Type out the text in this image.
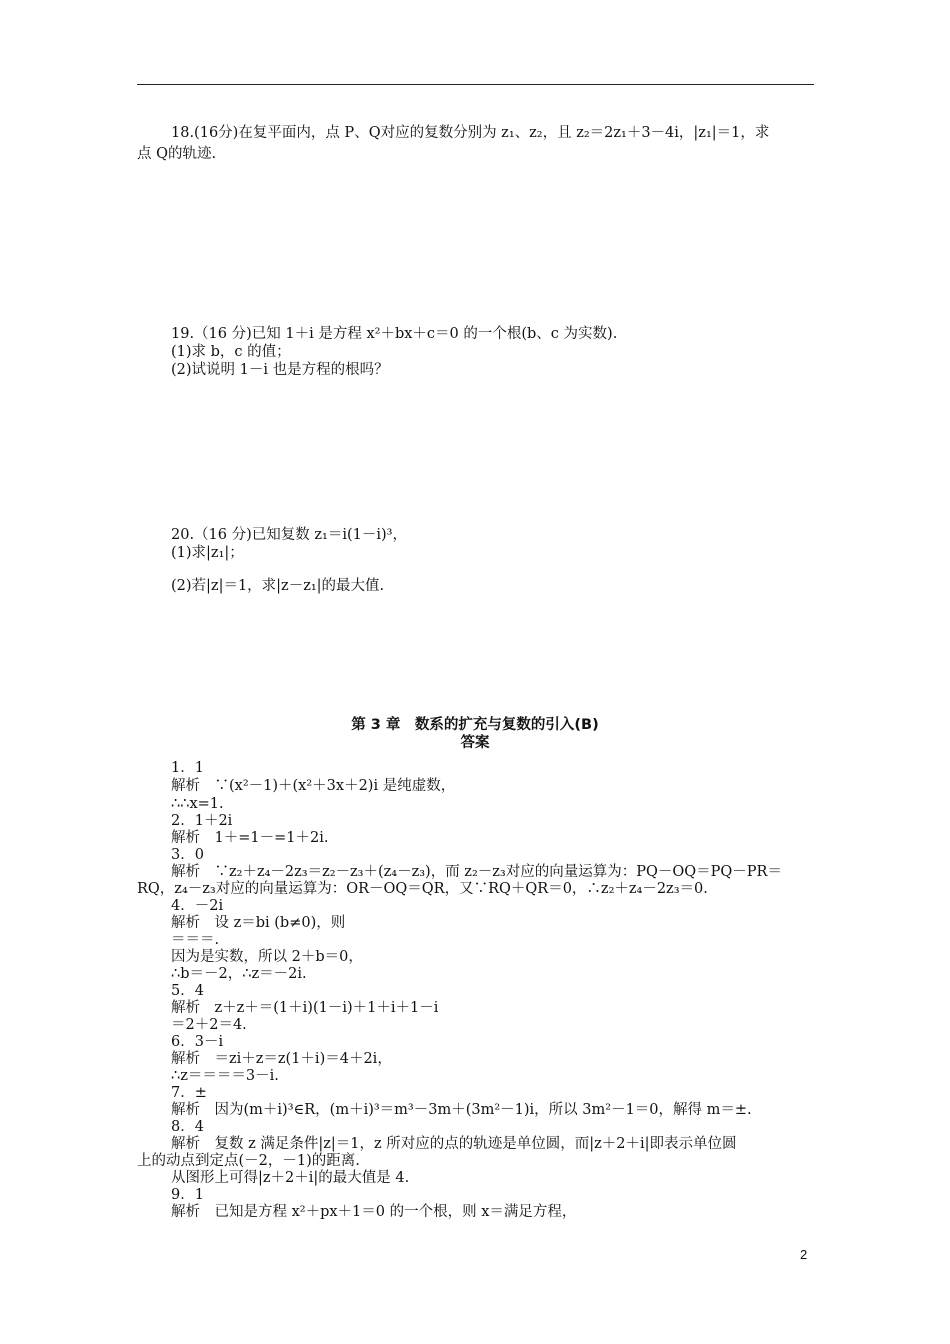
18.(16分)在复平面内，点 P、Q对应的复数分别为 z₁、z₂，且 z₂＝2z₁＋3－4i，|z₁|＝1，求
点 Q的轨迹.
19.（16 分)已知 1＋i 是方程 x²＋bx＋c＝0 的一个根(b、c 为实数).
(1)求 b，c 的值；
(2)试说明 1－i 也是方程的根吗？
20.（16 分)已知复数 z₁＝i(1－i)³，
(1)求|z₁|；
(2)若|z|＝1，求|z－z₁|的最大值.
第 3 章　数系的扩充与复数的引入(B)
答案
1．1
解析　∵(x²－1)＋(x²＋3x＋2)i 是纯虚数，
∴∴x=1.
2．1＋2i
解析　1＋=1－=1＋2i.
3．0
解析　∵z₂＋z₄－2z₃＝z₂－z₃＋(z₄－z₃)，而 z₂－z₃对应的向量运算为：PQ－OQ＝PQ－PR＝
RQ，z₄－z₃对应的向量运算为：OR－OQ＝QR，又∵RQ＋QR＝0，∴z₂＋z₄－2z₃＝0.
4．－2i
解析　设 z＝bi (b≠0)，则
＝＝＝.
因为是实数，所以 2＋b＝0，
∴b＝－2，∴z＝－2i.
5．4
解析　z＋z＋＝(1＋i)(1－i)＋1＋i＋1－i
＝2＋2＝4.
6．3－i
解析　＝zi＋z＝z(1＋i)＝4＋2i，
∴z＝＝＝＝3－i.
7．±
解析　因为(m＋i)³∈R，(m＋i)³＝m³－3m＋(3m²－1)i，所以 3m²－1＝0，解得 m＝±.
8．4
解析　复数 z 满足条件|z|＝1，z 所对应的点的轨迹是单位圆，而|z＋2＋i|即表示单位圆
上的动点到定点(－2，－1)的距离.
从图形上可得|z＋2＋i|的最大值是 4.
9．1
解析　已知是方程 x²＋px＋1＝0 的一个根，则 x＝满足方程，
2
